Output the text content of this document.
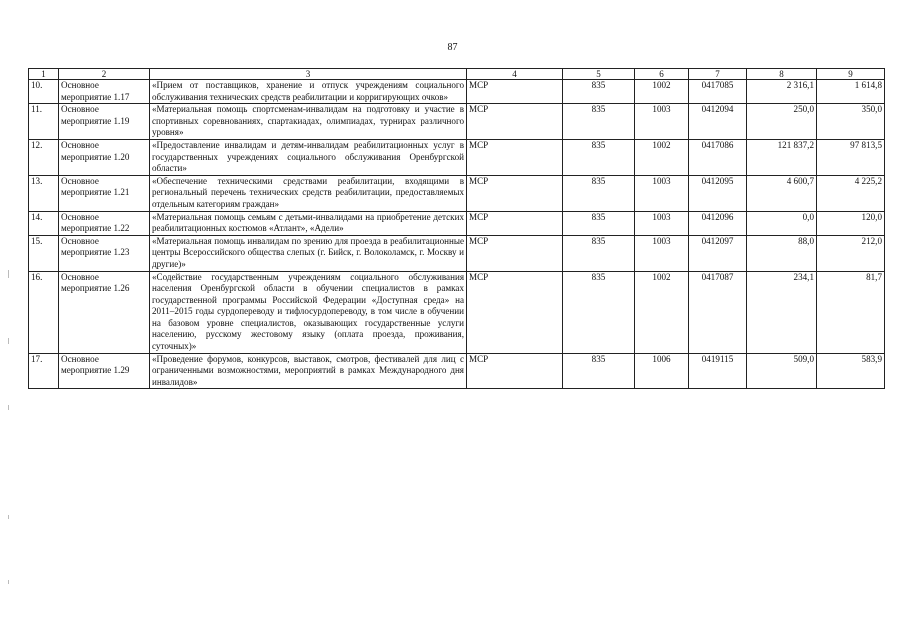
87
1	2	3	4	5	6	7	8	9
10.	Основное мероприятие 1.17	«Прием от поставщиков, хранение и отпуск учреждениям социального обслуживания технических средств реабилитации и корригирующих очков»	МСР	835	1002	0417085	2 316,1	1 614,8
11.	Основное мероприятие 1.19	«Материальная помощь спортсменам-инвалидам на подготовку и участие в спортивных соревнованиях, спартакиадах, олимпиадах, турнирах различного уровня»	МСР	835	1003	0412094	250,0	350,0
12.	Основное мероприятие 1.20	«Предоставление инвалидам и детям-инвалидам реабилитационных услуг в государственных учреждениях социального обслуживания Оренбургской области»	МСР	835	1002	0417086	121 837,2	97 813,5
13.	Основное мероприятие 1.21	«Обеспечение техническими средствами реабилитации, входящими в региональный перечень технических средств реабилитации, предоставляемых отдельным категориям граждан»	МСР	835	1003	0412095	4 600,7	4 225,2
14.	Основное мероприятие 1.22	«Материальная помощь семьям с детьми-инвалидами на приобретение детских реабилитационных костюмов «Атлант», «Адели»	МСР	835	1003	0412096	0,0	120,0
15.	Основное мероприятие 1.23	«Материальная помощь инвалидам по зрению для проезда в реабилитационные центры Всероссийского общества слепых (г. Бийск, г. Волоколамск, г. Москву и другие)»	МСР	835	1003	0412097	88,0	212,0
16.	Основное мероприятие 1.26	«Содействие государственным учреждениям социального обслуживания населения Оренбургской области в обучении специалистов в рамках государственной программы Российской Федерации «Доступная среда» на 2011–2015 годы сурдопереводу и тифлосурдопереводу, в том числе в обучении на базовом уровне специалистов, оказывающих государственные услуги населению, русскому жестовому языку (оплата проезда, проживания, суточных)»	МСР	835	1002	0417087	234,1	81,7
17.	Основное мероприятие 1.29	«Проведение форумов, конкурсов, выставок, смотров, фестивалей для лиц с ограниченными возможностями, мероприятий в рамках Международного дня инвалидов»	МСР	835	1006	0419115	509,0	583,9
